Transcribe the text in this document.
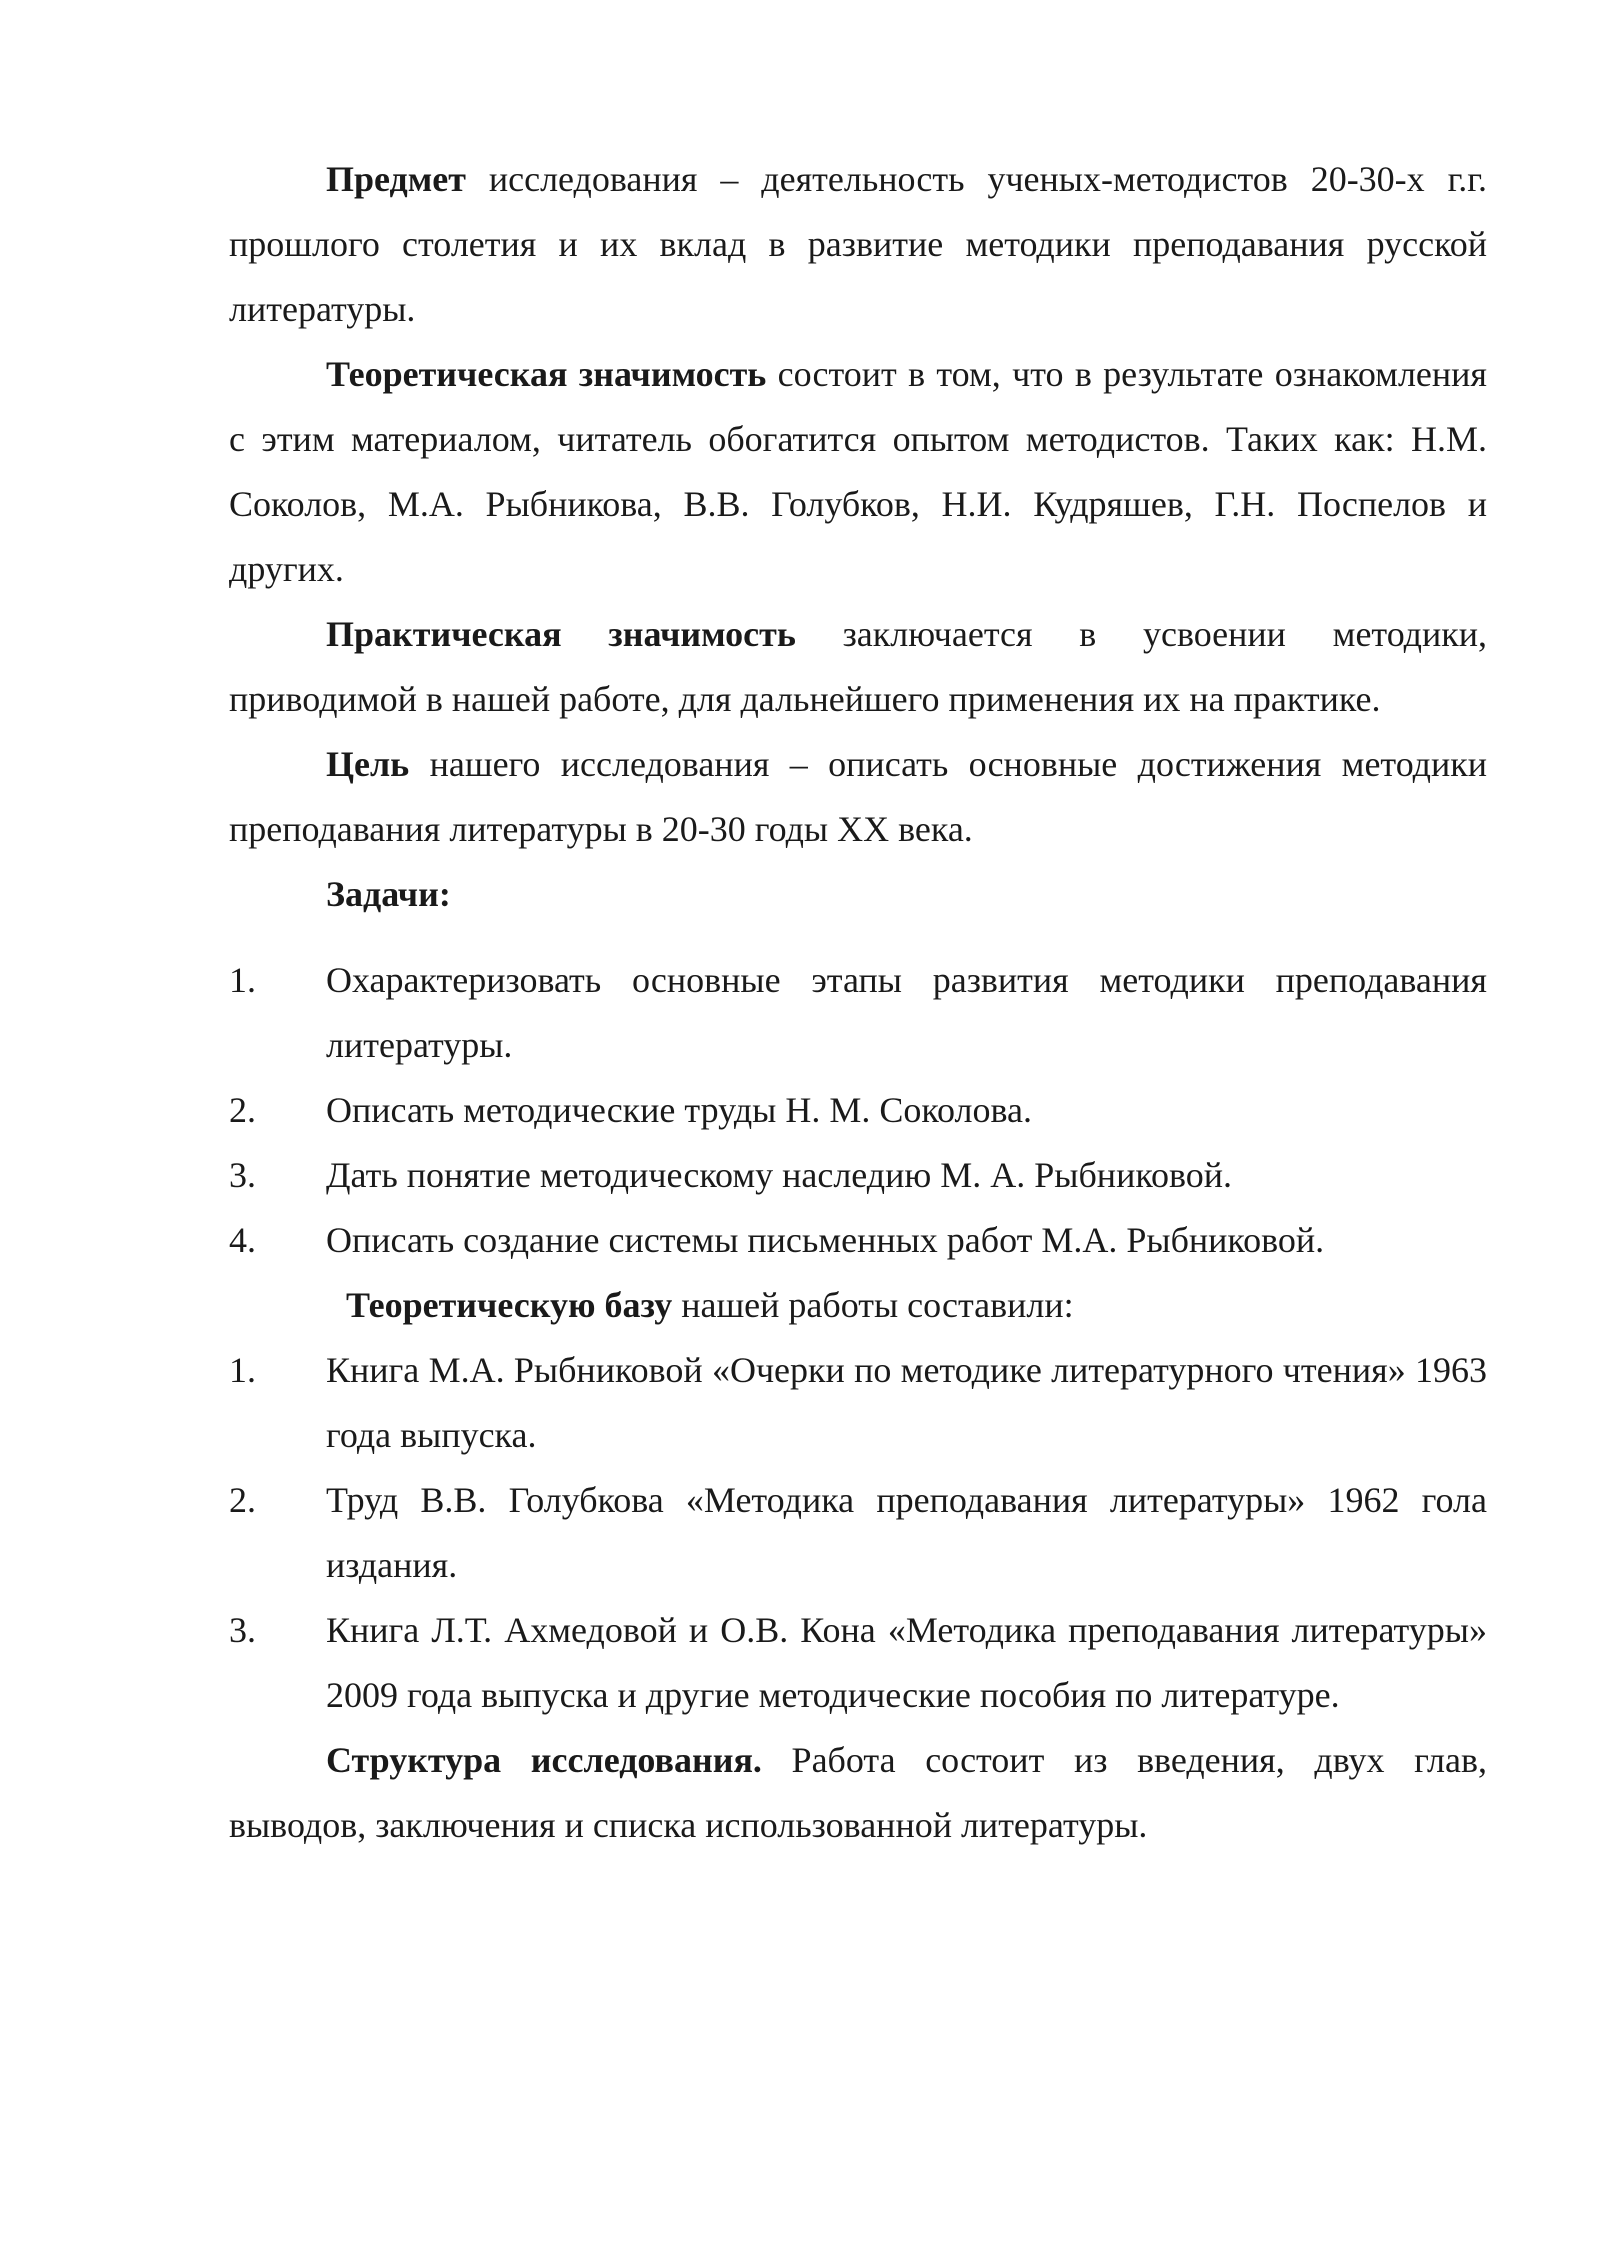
Предмет исследования – деятельность ученых-методистов 20-30-х г.г. прошлого столетия и их вклад в развитие методики преподавания русской литературы.

Теоретическая значимость состоит в том, что в результате ознакомления с этим материалом, читатель обогатится опытом методистов. Таких как: Н.М. Соколов, М.А. Рыбникова, В.В. Голубков, Н.И. Кудряшев, Г.Н. Поспелов и других.

Практическая значимость заключается в усвоении методики, приводимой в нашей работе, для дальнейшего применения их на практике.

Цель нашего исследования – описать основные достижения методики преподавания литературы в 20-30 годы XX века.

Задачи:

1. Охарактеризовать основные этапы развития методики преподавания литературы.
2. Описать методические труды Н. М. Соколова.
3. Дать понятие методическому наследию М. А. Рыбниковой.
4. Описать создание системы письменных работ М.А. Рыбниковой.

Теоретическую базу нашей работы составили:

1. Книга М.А. Рыбниковой «Очерки по методике литературного чтения» 1963 года выпуска.
2. Труд В.В. Голубкова «Методика преподавания литературы» 1962 гола издания.
3. Книга Л.Т. Ахмедовой и О.В. Кона «Методика преподавания литературы» 2009 года выпуска и другие методические пособия по литературе.

Структура исследования. Работа состоит из введения, двух глав, выводов, заключения и списка использованной литературы.
